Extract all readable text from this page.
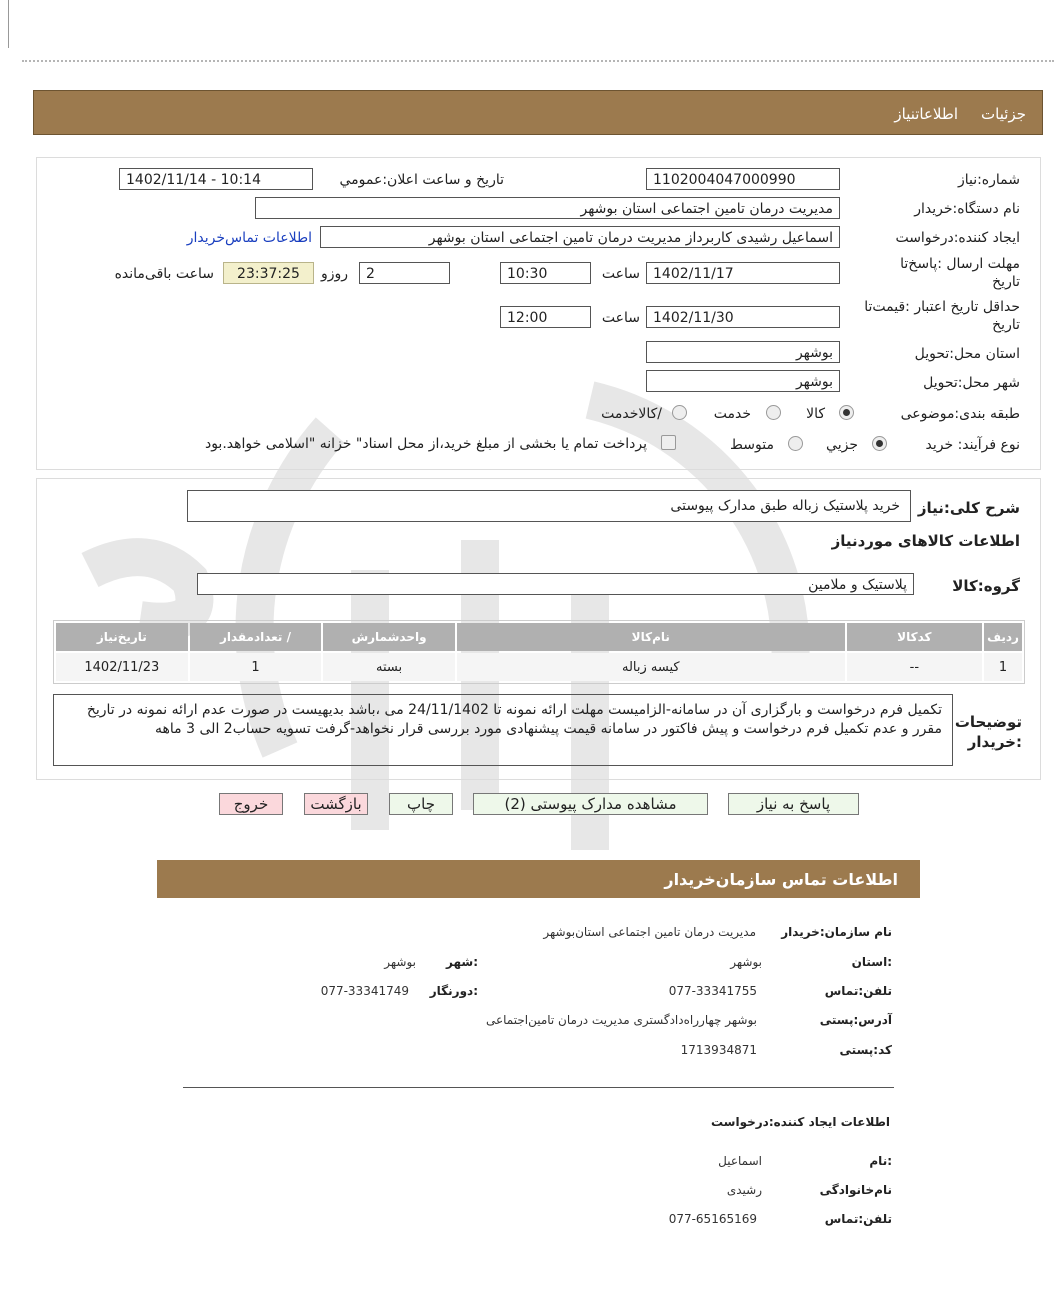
جزئیات
اطلاعاتنیاز
شماره:نیاز
1102004047000990
تاریخ و ساعت اعلان:عمومي
1402/11/14 - 10:14
نام دستگاه:خریدار
مدیریت درمان تامین اجتماعی استان بوشهر
ایجاد کننده:درخواست
اسماعیل رشیدی کاربرداز مدیریت درمان تامین اجتماعی استان بوشهر
اطلاعات تماس‌خریدار
مهلت ارسال :پاسخ‌تا تاریخ
1402/11/17
ساعت
10:30
2
روزو
23:37:25
ساعت باقی‌مانده
حداقل تاریخ اعتبار :قیمت‌تا تاریخ
1402/11/30
ساعت
12:00
استان محل:تحویل
بوشهر
شهر محل:تحویل
بوشهر
طبقه بندی:موضوعی
کالا
خدمت
/کالاخدمت
نوع فرآیند: خرید
جزيي
متوسط
پرداخت تمام یا بخشی از مبلغ خرید،از محل اسناد" خزانه "اسلامی خواهد.بود
شرح کلی:نیاز
خرید پلاستیک زباله طبق مدارک پیوستی
اطلاعات کالاهای موردنیاز
گروه:کالا
پلاستیک و ملامین
ردیف	کدکالا	نام‌کالا	واحدشمارش	/ تعدادمقدار	تاریخ‌نیاز
1	--	کیسه زباله	بسته	1	1402/11/23
توضیحات :خریدار
تکمیل فرم درخواست و بارگزاری آن در سامانه-الزامیست مهلت ارائه نمونه تا 24/11/1402 می ،باشد بدیهیست در صورت عدم ارائه نمونه در تاریخ مقرر و عدم تکمیل فرم درخواست و پیش فاکتور در سامانه قیمت پیشنهادی مورد بررسی قرار نخواهد-گرفت تسویه حساب2 الی 3 ماهه
پاسخ به نیاز
مشاهده مدارک پیوستی (2)
چاپ
بازگشت
خروج
اطلاعات تماس سازمان‌خریدار
نام سازمان:خریدار
مدیریت درمان تامین اجتماعی استان‌بوشهر
:استان
بوشهر
:شهر
بوشهر
تلفن:تماس
077-33341755
:دورنگار
077-33341749
آدرس:پستی
بوشهر چهارراه‌دادگستری مدیریت درمان تامین‌اجتماعی
کد:پستی
1713934871
اطلاعات ایجاد کننده:درخواست
:نام
اسماعیل
نام‌خانوادگی
رشیدی
تلفن:تماس
077-65165169
